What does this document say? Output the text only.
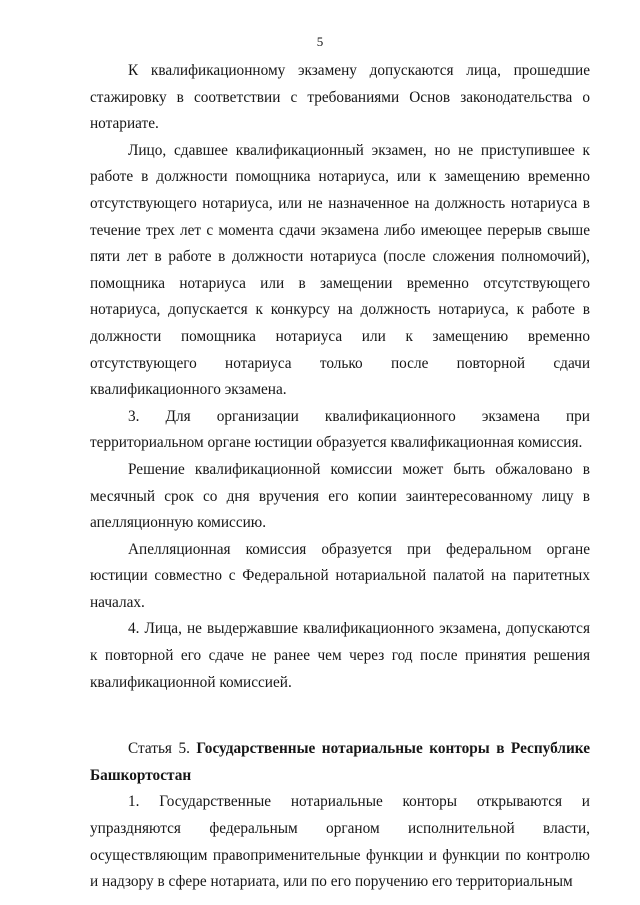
5

К квалификационному экзамену допускаются лица, прошедшие стажировку в соответствии с требованиями Основ законодательства о нотариате.

Лицо, сдавшее квалификационный экзамен, но не приступившее к работе в должности помощника нотариуса, или к замещению временно отсутствующего нотариуса, или не назначенное на должность нотариуса в течение трех лет с момента сдачи экзамена либо имеющее перерыв свыше пяти лет в работе в должности нотариуса (после сложения полномочий), помощника нотариуса или в замещении временно отсутствующего нотариуса, допускается к конкурсу на должность нотариуса, к работе в должности помощника нотариуса или к замещению временно отсутствующего нотариуса только после повторной сдачи квалификационного экзамена.

3. Для организации квалификационного экзамена при территориальном органе юстиции образуется квалификационная комиссия.

Решение квалификационной комиссии может быть обжаловано в месячный срок со дня вручения его копии заинтересованному лицу в апелляционную комиссию.

Апелляционная комиссия образуется при федеральном органе юстиции совместно с Федеральной нотариальной палатой на паритетных началах.

4. Лица, не выдержавшие квалификационного экзамена, допускаются к повторной его сдаче не ранее чем через год после принятия решения квалификационной комиссией.

Статья 5. Государственные нотариальные конторы в Республике Башкортостан

1. Государственные нотариальные конторы открываются и упраздняются федеральным органом исполнительной власти, осуществляющим правоприменительные функции и функции по контролю и надзору в сфере нотариата, или по его поручению его территориальным
